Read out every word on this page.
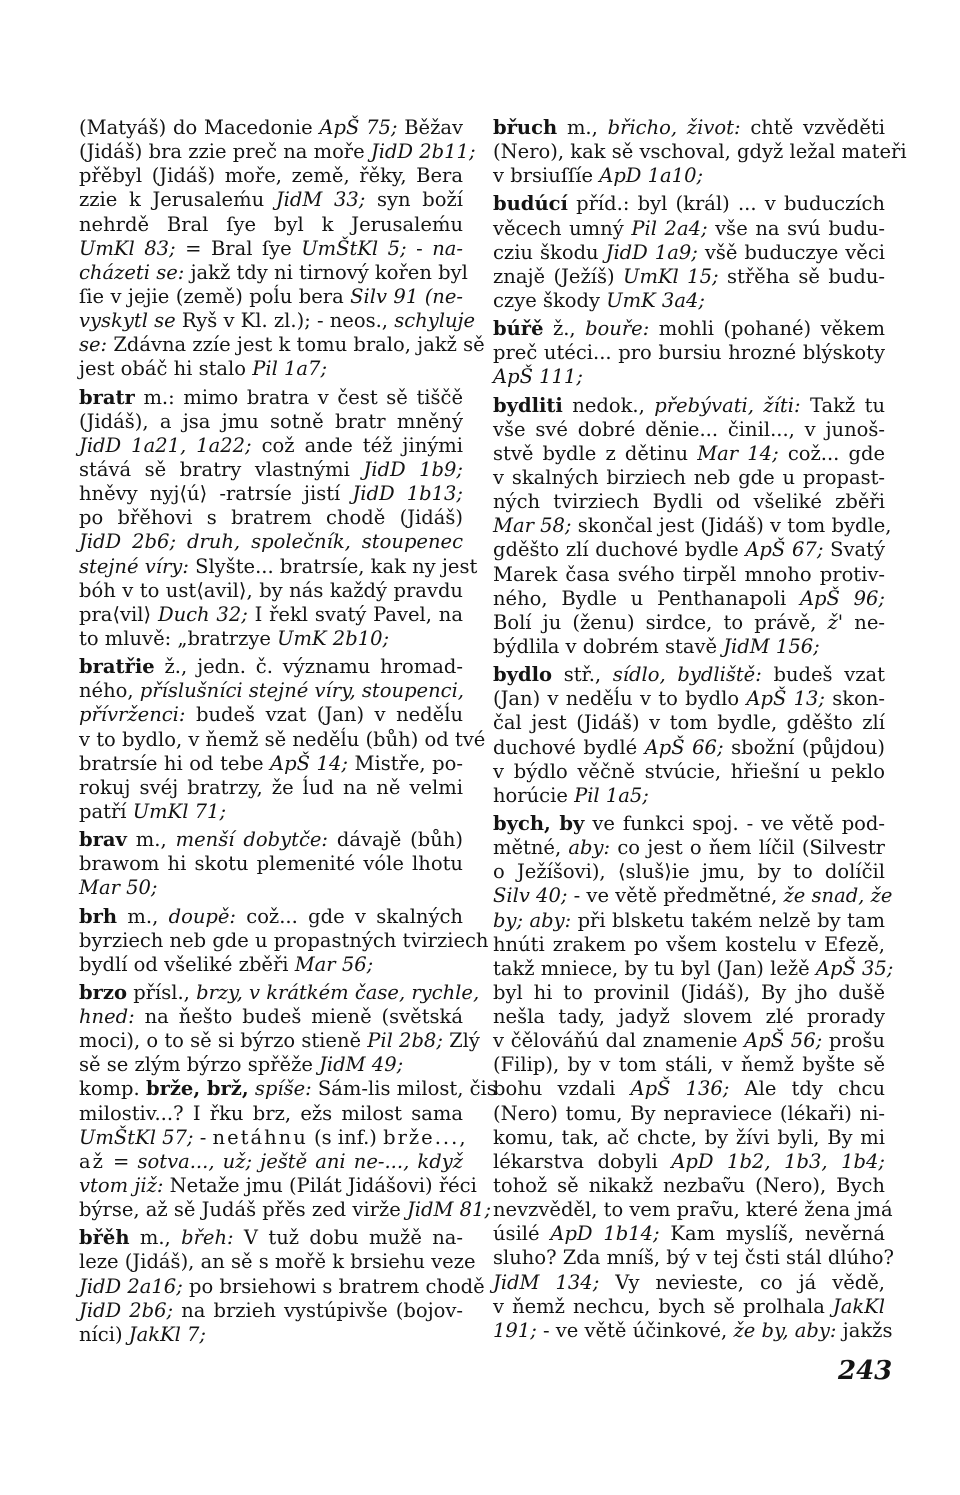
(Matyáš) do Macedonie ApŠ 75; Běžav
(Jidáš) bra zzie preč na moře JidD 2b11;
přěbyl (Jidáš) moře, země, řěky, Bera
zzie k Jerusaleḿu JidM 33; syn boží
nehrdě Bral ſye byl k Jerusaleḿu
UmKl 83; = Bral ſye UmŠtKl 5; - na-
cházeti se: jakž tdy ni tirnový kořen byl
ſie v jejie (země) poĺu bera Silv 91 (ne-
vyskytl se Ryš v Kl. zl.); - neos., schyluje
se: Zdávna zzíe jest k tomu bralo, jakž sě
jest obáč hi stalo Pil 1a7;
bratr m.: mimo bratra v čest sě tiščě
(Jidáš), a jsa jmu sotně bratr mněný
JidD 1a21, 1a22; což ande též jinými
stává sě bratry vlastnými JidD 1b9;
hněvy nyj⟨ú⟩ -ratrsíe jistí JidD 1b13;
po břěhovi s bratrem chodě (Jidáš)
JidD 2b6; druh, společník, stoupenec
stejné víry: Slyšte... bratrsíe, kak ny jest
bóh v to ust⟨avil⟩, by nás každý pravdu
pra⟨vil⟩ Duch 32; I řekl svatý Pavel, na
to mluvě: „bratrzye UmK 2b10;
bratřie ž., jedn. č. významu hromad-
ného, příslušníci stejné víry, stoupenci,
přívrženci: budeš vzat (Jan) v neděĺu
v to bydlo, v ňemž sě neděĺu (bůh) od tvé
bratrsíe hi od tebe ApŠ 14; Mistře, po-
rokuj svéj bratrzy, že ĺud na ně velmi
patří UmKl 71;
brav m., menší dobytče: dávajě (bůh)
brawom hi skotu plemenité vóle lhotu
Mar 50;
brh m., doupě: což... gde v skalných
byrziech neb gde u propastných tvirziech
bydlí od všeliké zběři Mar 56;
brzo přísl., brzy, v krátkém čase, rychle,
hned: na ňešto budeš mieně (světská
moci), o to sě si býrzo stieně Pil 2b8; Zlý
sě se zlým býrzo spřěže JidM 49;
komp. brže, brž, spíše: Sám-lis milost, čis
milostiv...? I řku brz, ežs milost sama
UmŠtKl 57; - netáhnu (s inf.) brže...,
až = sotva..., už; ještě ani ne-..., když
vtom již: Netaže jmu (Pilát Jidášovi) řéci
býrse, až sě Judáš přěs zed virže JidM 81;
břěh m., břeh: V tuž dobu mužě na-
leze (Jidáš), an sě s mořě k brsiehu veze
JidD 2a16; po brsiehowi s bratrem chodě
JidD 2b6; na brzieh vystúpivše (bojov-
níci) JakKl 7;
břuch m., břicho, život: chtě vzvěděti
(Nero), kak sě vschoval, gdyž ležal mateři
v brsiuſſíe ApD 1a10;
budúcí příd.: byl (král) ... v buduczích
věcech umný Pil 2a4; vše na svú budu-
cziu škodu JidD 1a9; všě buduczye věci
znajě (Ježíš) UmKl 15; střěha sě budu-
czye škody UmK 3a4;
búřě ž., bouře: mohli (pohané) věkem
preč utéci... pro bursiu hrozné blýskoty
ApŠ 111;
bydliti nedok., přebývati, žíti: Takž tu
vše své dobré děnie... činil..., v junoš-
stvě bydle z dětinu Mar 14; což... gde
v skalných birziech neb gde u propast-
ných tvirziech Bydli od všeliké zběři
Mar 58; skončal jest (Jidáš) v tom bydle,
gděšto zlí duchové bydle ApŠ 67; Svatý
Marek časa svého tirpěl mnoho protiv-
ného, Bydle u Penthanapoli ApŠ 96;
Bolí ju (ženu) sirdce, to právě, ž' ne-
býdlila v dobrém stavě JidM 156;
bydlo stř., sídlo, bydliště: budeš vzat
(Jan) v neděĺu v to bydlo ApŠ 13; skon-
čal jest (Jidáš) v tom bydle, gděšto zlí
duchové bydlé ApŠ 66; sbožní (půjdou)
v býdlo věčně stvúcie, hřiešní u peklo
horúcie Pil 1a5;
bych, by ve funkci spoj. - ve větě pod-
mětné, aby: co jest o ňem líčil (Silvestr
o Ježíšovi), ⟨sluš⟩ie jmu, by to dolíčil
Silv 40; - ve větě předmětné, že snad, že
by; aby: při blsketu takém nelzě by tam
hnúti zrakem po všem kostelu v Efezě,
takž mniece, by tu byl (Jan) ležě ApŠ 35;
byl hi to provinil (Jidáš), By jho dušě
nešla tady, jadyž slovem zlé prorady
v čělováňú dal znamenie ApŠ 56; prošu
(Filip), by v tom stáli, v ňemž byšte sě
bohu vzdali ApŠ 136; Ale tdy chcu
(Nero) tomu, By nepraviece (lékaři) ni-
komu, tak, ač chcte, by žívi byli, By mi
lékarstva dobyli ApD 1b2, 1b3, 1b4;
tohož sě nikakž nezbaṽu (Nero), Bych
nevzvěděl, to vem praṽu, které žena jmá
úsilé ApD 1b14; Kam myslíš, nevěrná
sluho? Zda mníš, bý v tej čsti stál dlúho?
JidM 134; Vy nevieste, co já vědě,
v ňemž nechcu, bych sě prolhala JakKl
191; - ve větě účinkové, že by, aby: jakžs
243
